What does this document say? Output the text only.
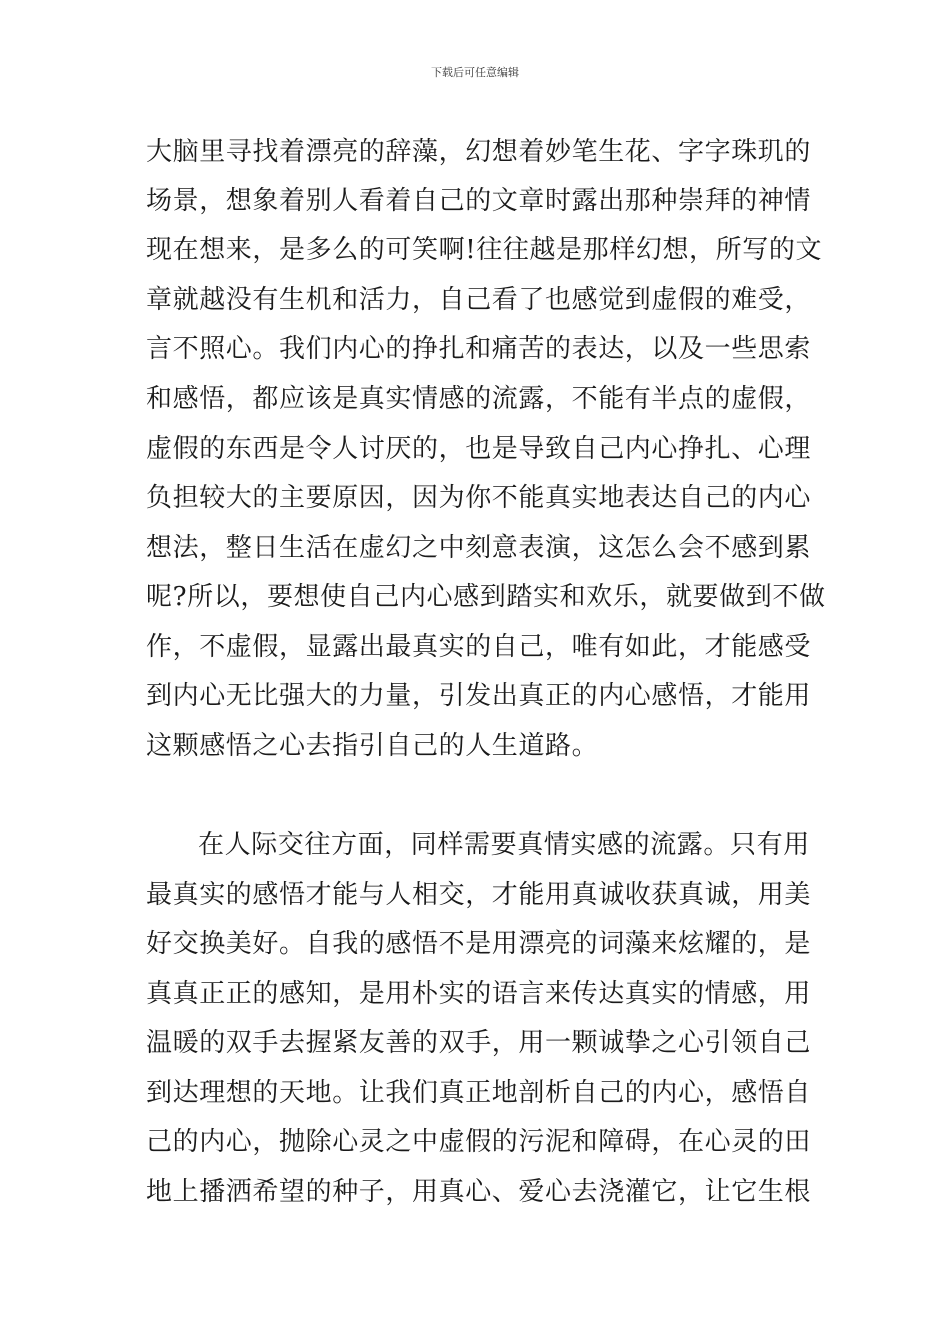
下载后可任意编辑
大脑里寻找着漂亮的辞藻，幻想着妙笔生花、字字珠玑的
场景，想象着别人看着自己的文章时露出那种崇拜的神情
现在想来，是多么的可笑啊!往往越是那样幻想，所写的文
章就越没有生机和活力，自己看了也感觉到虚假的难受，
言不照心。我们内心的挣扎和痛苦的表达，以及一些思索
和感悟，都应该是真实情感的流露，不能有半点的虚假，
虚假的东西是令人讨厌的，也是导致自己内心挣扎、心理
负担较大的主要原因，因为你不能真实地表达自己的内心
想法，整日生活在虚幻之中刻意表演，这怎么会不感到累
呢?所以，要想使自己内心感到踏实和欢乐，就要做到不做
作，不虚假，显露出最真实的自己，唯有如此，才能感受
到内心无比强大的力量，引发出真正的内心感悟，才能用
这颗感悟之心去指引自己的人生道路。
在人际交往方面，同样需要真情实感的流露。只有用
最真实的感悟才能与人相交，才能用真诚收获真诚，用美
好交换美好。自我的感悟不是用漂亮的词藻来炫耀的，是
真真正正的感知，是用朴实的语言来传达真实的情感，用
温暖的双手去握紧友善的双手，用一颗诚挚之心引领自己
到达理想的天地。让我们真正地剖析自己的内心，感悟自
己的内心，抛除心灵之中虚假的污泥和障碍，在心灵的田
地上播洒希望的种子，用真心、爱心去浇灌它，让它生根
